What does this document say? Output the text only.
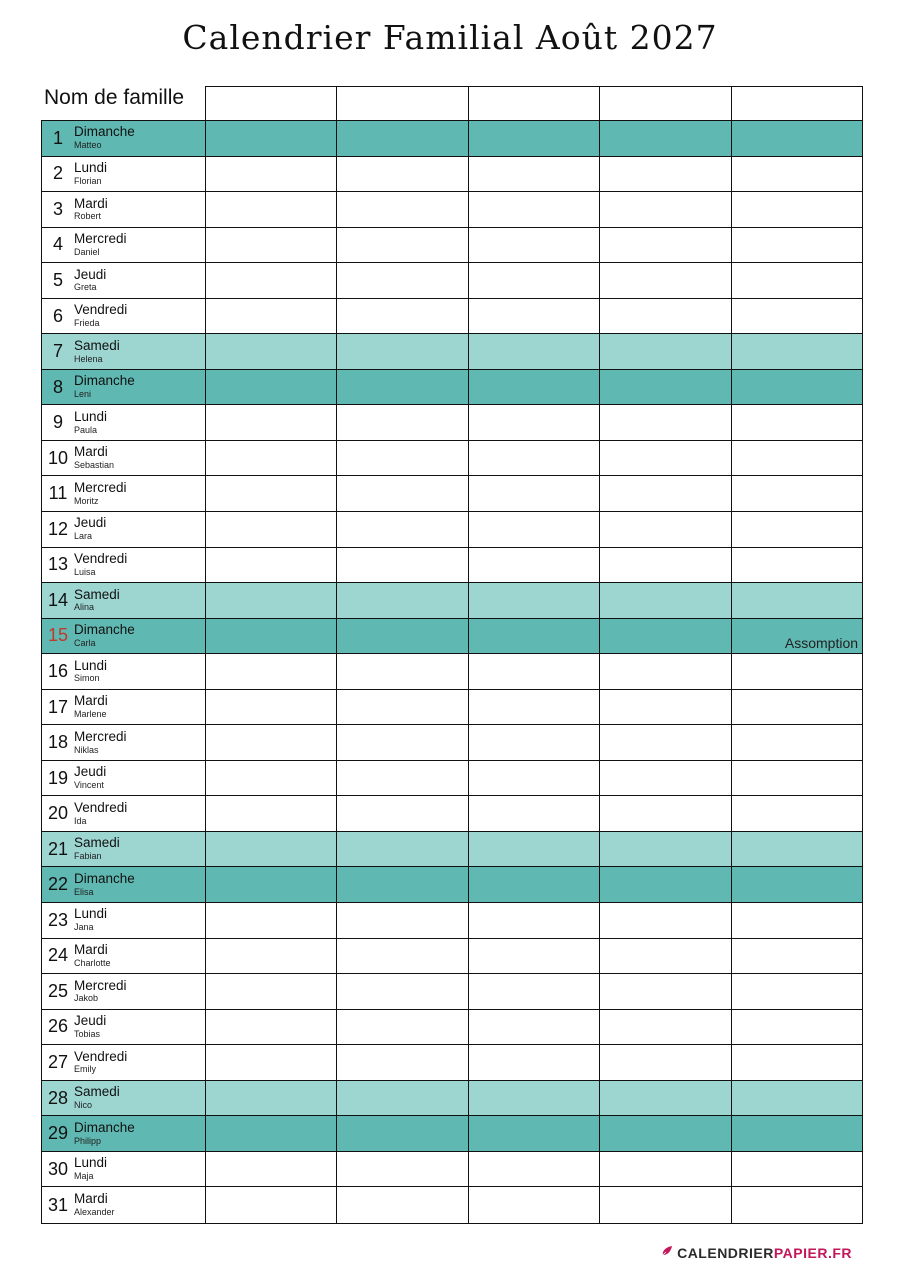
Calendrier Familial Août 2027
Nom de famille
1 Dimanche
Matteo
2 Lundi
Florian
3 Mardi
Robert
4 Mercredi
Daniel
5 Jeudi
Greta
6 Vendredi
Frieda
7 Samedi
Helena
8 Dimanche
Leni
9 Lundi
Paula
10 Mardi
Sebastian
11 Mercredi
Moritz
12 Jeudi
Lara
13 Vendredi
Luisa
14 Samedi
Alina
15 Dimanche
Carla	Assomption
16 Lundi
Simon
17 Mardi
Marlene
18 Mercredi
Niklas
19 Jeudi
Vincent
20 Vendredi
Ida
21 Samedi
Fabian
22 Dimanche
Elisa
23 Lundi
Jana
24 Mardi
Charlotte
25 Mercredi
Jakob
26 Jeudi
Tobias
27 Vendredi
Emily
28 Samedi
Nico
29 Dimanche
Philipp
30 Lundi
Maja
31 Mardi
Alexander
CALENDRIER PAPIER.FR
